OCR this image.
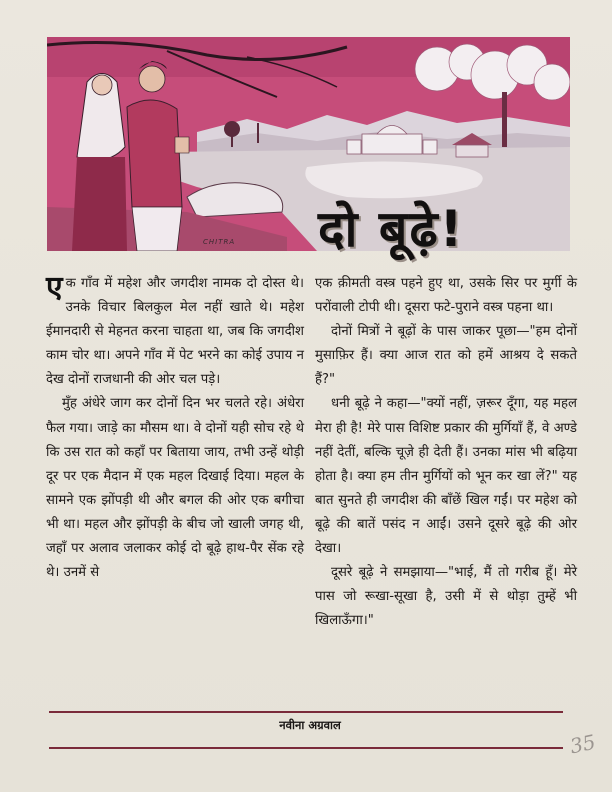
CHITRA दो बूढ़े!

एक गाँव में महेश और जगदीश नामक दो दोस्त थे। उनके विचार बिलकुल मेल नहीं खाते थे। महेश ईमानदारी से मेहनत करना चाहता था, जब कि जगदीश काम चोर था। अपने गाँव में पेट भरने का कोई उपाय न देख दोनों राजधानी की ओर चल पड़े।

मुँह अंधेरे जाग कर दोनों दिन भर चलते रहे। अंधेरा फैल गया। जाड़े का मौसम था। वे दोनों यही सोच रहे थे कि उस रात को कहाँ पर बिताया जाय, तभी उन्हें थोड़ी दूर पर एक मैदान में एक महल दिखाई दिया। महल के सामने एक झोंपड़ी थी और बगल की ओर एक बगीचा भी था। महल और झोंपड़ी के बीच जो खाली जगह थी, जहाँ पर अलाव जलाकर कोई दो बूढ़े हाथ-पैर सेंक रहे थे। उनमें से

एक क़ीमती वस्त्र पहने हुए था, उसके सिर पर मुर्गी के परोंवाली टोपी थी। दूसरा फटे-पुराने वस्त्र पहना था।

दोनों मित्रों ने बूढ़ों के पास जाकर पूछा—"हम दोनों मुसाफ़िर हैं। क्या आज रात को हमें आश्रय दे सकते हैं?"

धनी बूढ़े ने कहा—"क्यों नहीं, ज़रूर दूँगा, यह महल मेरा ही है! मेरे पास विशिष्ट प्रकार की मुर्गियाँ हैं, वे अण्डे नहीं देतीं, बल्कि चूज़े ही देती हैं। उनका मांस भी बढ़िया होता है। क्या हम तीन मुर्गियों को भून कर खा लें?" यह बात सुनते ही जगदीश की बाँछें खिल गईं। पर महेश को बूढ़े की बातें पसंद न आईं। उसने दूसरे बूढ़े की ओर देखा।

दूसरे बूढ़े ने समझाया—"भाई, मैं तो गरीब हूँ। मेरे पास जो रूखा-सूखा है, उसी में से थोड़ा तुम्हें भी खिलाऊँगा।"

नवीना अग्रवाल
35
